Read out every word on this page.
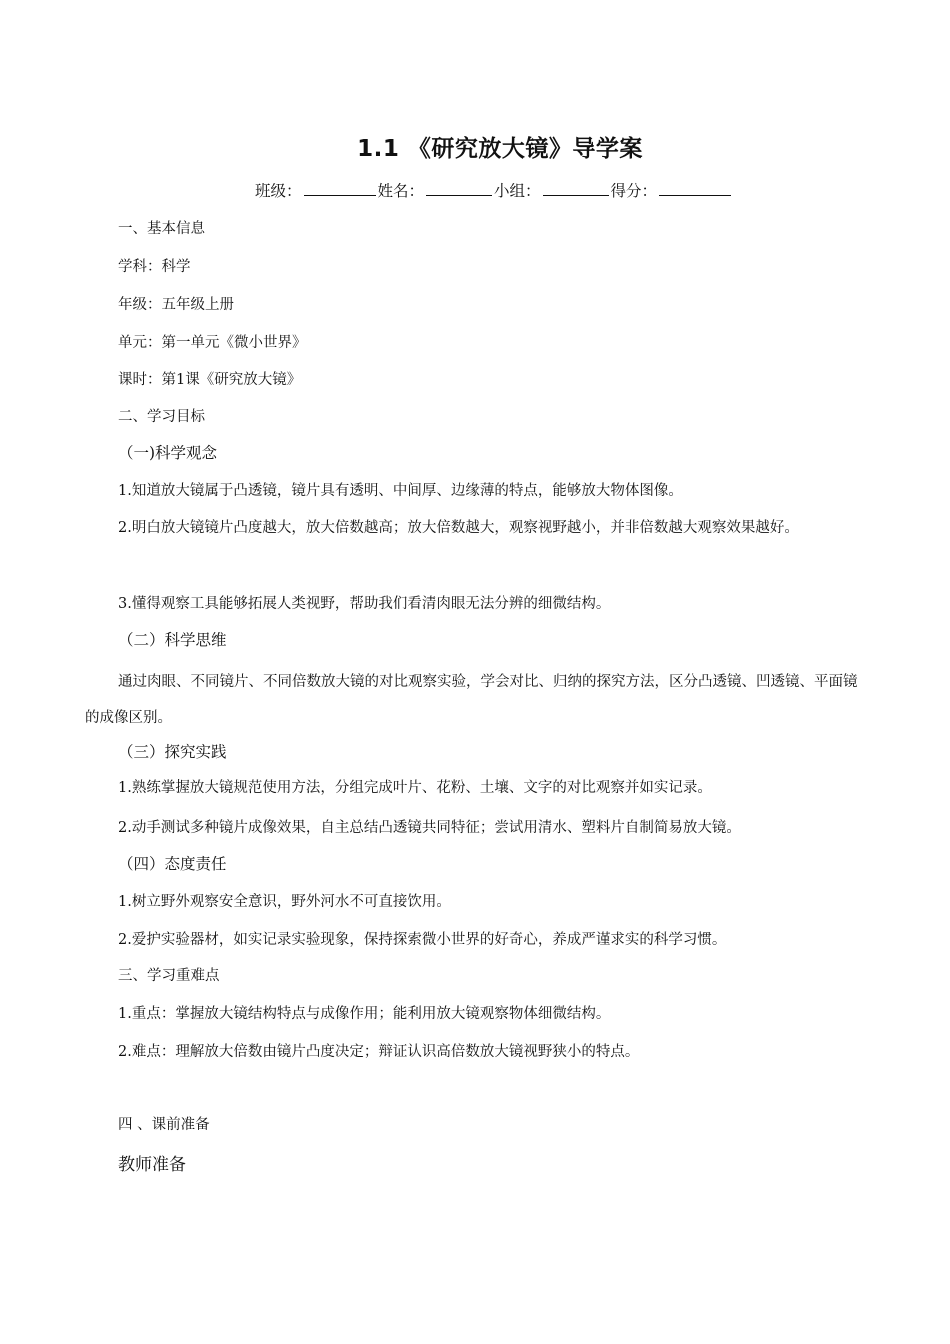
1.1 《研究放大镜》导学案
班级：	姓名：	小组：	得分：
一、基本信息
学科：科学
年级：五年级上册
单元：第一单元《微小世界》
课时：第1课《研究放大镜》
二、学习目标
（一)科学观念
1.知道放大镜属于凸透镜，镜片具有透明、中间厚、边缘薄的特点，能够放大物体图像。
2.明白放大镜镜片凸度越大，放大倍数越高；放大倍数越大，观察视野越小，并非倍数越大观察效果越好。
3.懂得观察工具能够拓展人类视野，帮助我们看清肉眼无法分辨的细微结构。
（二）科学思维
通过肉眼、不同镜片、不同倍数放大镜的对比观察实验，学会对比、归纳的探究方法，区分凸透镜、凹透镜、平面镜的成像区别。
（三）探究实践
1.熟练掌握放大镜规范使用方法，分组完成叶片、花粉、土壤、文字的对比观察并如实记录。
2.动手测试多种镜片成像效果，自主总结凸透镜共同特征；尝试用清水、塑料片自制简易放大镜。
（四）态度责任
1.树立野外观察安全意识，野外河水不可直接饮用。
2.爱护实验器材，如实记录实验现象，保持探索微小世界的好奇心，养成严谨求实的科学习惯。
三、学习重难点
1.重点：掌握放大镜结构特点与成像作用；能利用放大镜观察物体细微结构。
2.难点：理解放大倍数由镜片凸度决定；辩证认识高倍数放大镜视野狭小的特点。
四 、课前准备
教师准备
